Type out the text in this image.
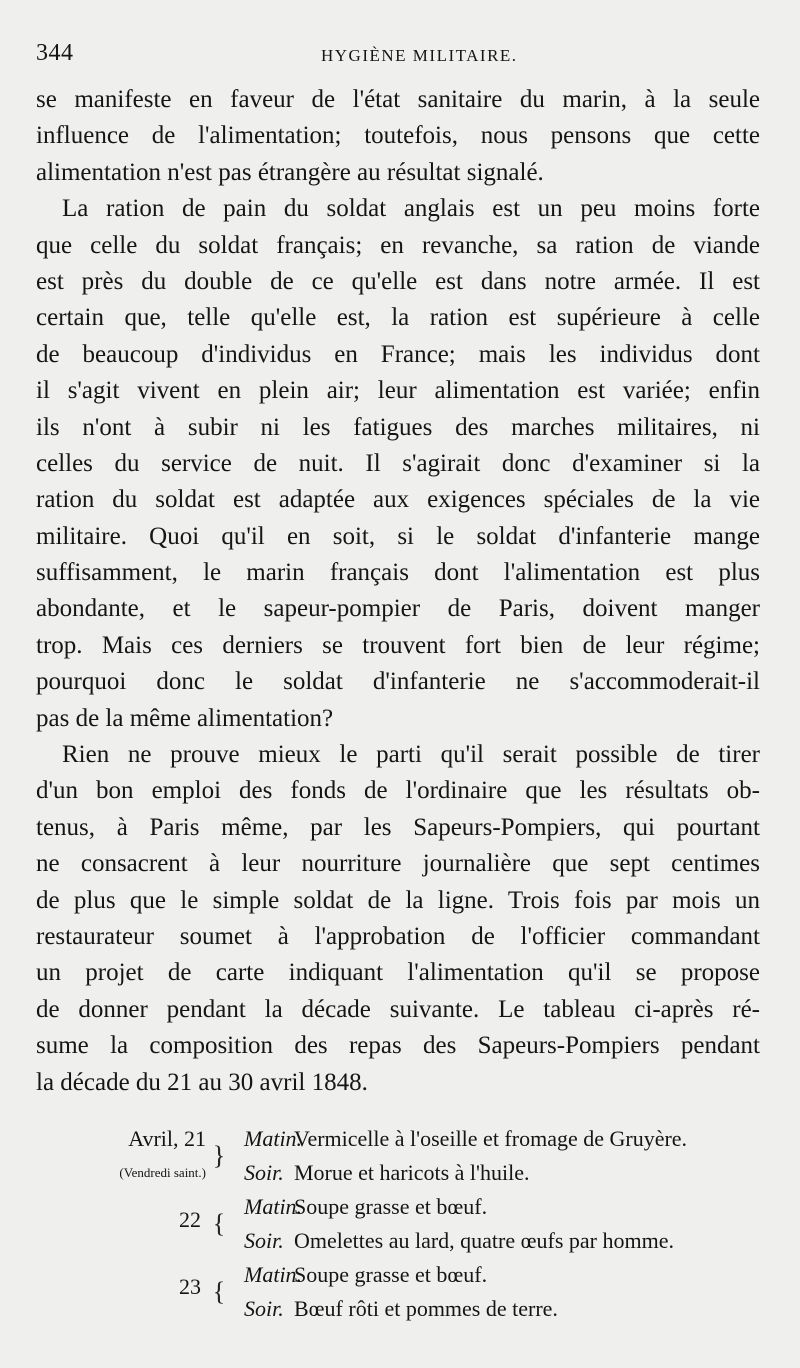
344	HYGIÈNE MILITAIRE.
se manifeste en faveur de l'état sanitaire du marin, à la seule
influence de l'alimentation; toutefois, nous pensons que cette
alimentation n'est pas étrangère au résultat signalé.
La ration de pain du soldat anglais est un peu moins forte
que celle du soldat français; en revanche, sa ration de viande
est près du double de ce qu'elle est dans notre armée. Il est
certain que, telle qu'elle est, la ration est supérieure à celle
de beaucoup d'individus en France; mais les individus dont
il s'agit vivent en plein air; leur alimentation est variée; enfin
ils n'ont à subir ni les fatigues des marches militaires, ni
celles du service de nuit. Il s'agirait donc d'examiner si la
ration du soldat est adaptée aux exigences spéciales de la vie
militaire. Quoi qu'il en soit, si le soldat d'infanterie mange
suffisamment, le marin français dont l'alimentation est plus
abondante, et le sapeur-pompier de Paris, doivent manger
trop. Mais ces derniers se trouvent fort bien de leur régime;
pourquoi donc le soldat d'infanterie ne s'accommoderait-il
pas de la même alimentation?
Rien ne prouve mieux le parti qu'il serait possible de tirer
d'un bon emploi des fonds de l'ordinaire que les résultats ob-
tenus, à Paris même, par les Sapeurs-Pompiers, qui pourtant
ne consacrent à leur nourriture journalière que sept centimes
de plus que le simple soldat de la ligne. Trois fois par mois un
restaurateur soumet à l'approbation de l'officier commandant
un projet de carte indiquant l'alimentation qu'il se propose
de donner pendant la décade suivante. Le tableau ci-après ré-
sume la composition des repas des Sapeurs-Pompiers pendant
la décade du 21 au 30 avril 1848.
Avril, 21 Matin.
Vermicelle à l'oseille et fromage de Gruyère.
(Vendredi saint.) Soir. Morue et haricots à l'huile.
}
Matin.
Soupe grasse et bœuf.
Soir. Omelettes au lard, quatre œufs par homme.
22 {
Matin.
Soupe grasse et bœuf.
Soir. Bœuf rôti et pommes de terre.
23 {
